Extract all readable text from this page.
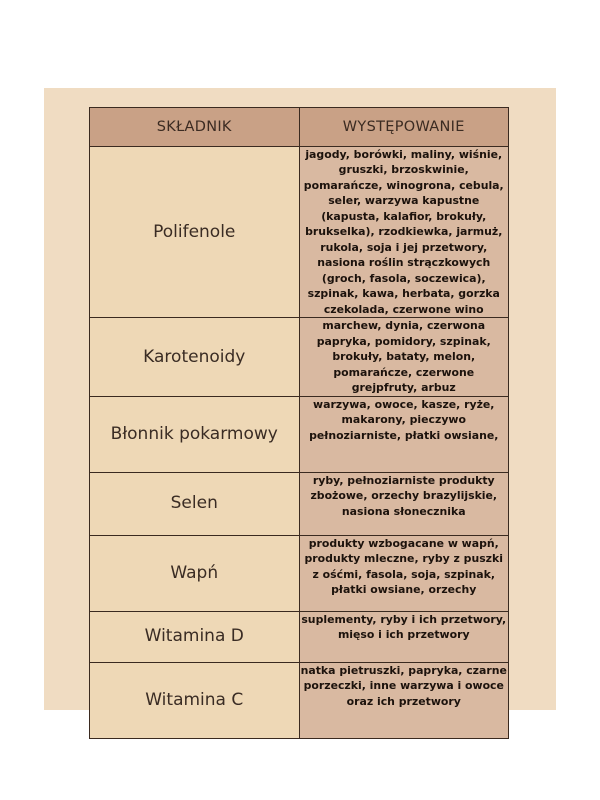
SKŁADNIK	WYSTĘPOWANIE
Polifenole	jagody, borówki, maliny, wiśnie, gruszki, brzoskwinie, pomarańcze, winogrona, cebula, seler, warzywa kapustne (kapusta, kalafior, brokuły, brukselka), rzodkiewka, jarmuż, rukola, soja i jej przetwory, nasiona roślin strączkowych (groch, fasola, soczewica), szpinak, kawa, herbata, gorzka czekolada, czerwone wino
Karotenoidy	marchew, dynia, czerwona papryka, pomidory, szpinak, brokuły, bataty, melon, pomarańcze, czerwone grejpfruty, arbuz
Błonnik pokarmowy	warzywa, owoce, kasze, ryże, makarony, pieczywo pełnoziarniste, płatki owsiane,
Selen	ryby, pełnoziarniste produkty zbożowe, orzechy brazylijskie, nasiona słonecznika
Wapń	produkty wzbogacane w wapń, produkty mleczne, ryby z puszki z ośćmi, fasola, soja, szpinak, płatki owsiane, orzechy
Witamina D	suplementy, ryby i ich przetwory, mięso i ich przetwory
Witamina C	natka pietruszki, papryka, czarne porzeczki, inne warzywa i owoce oraz ich przetwory
